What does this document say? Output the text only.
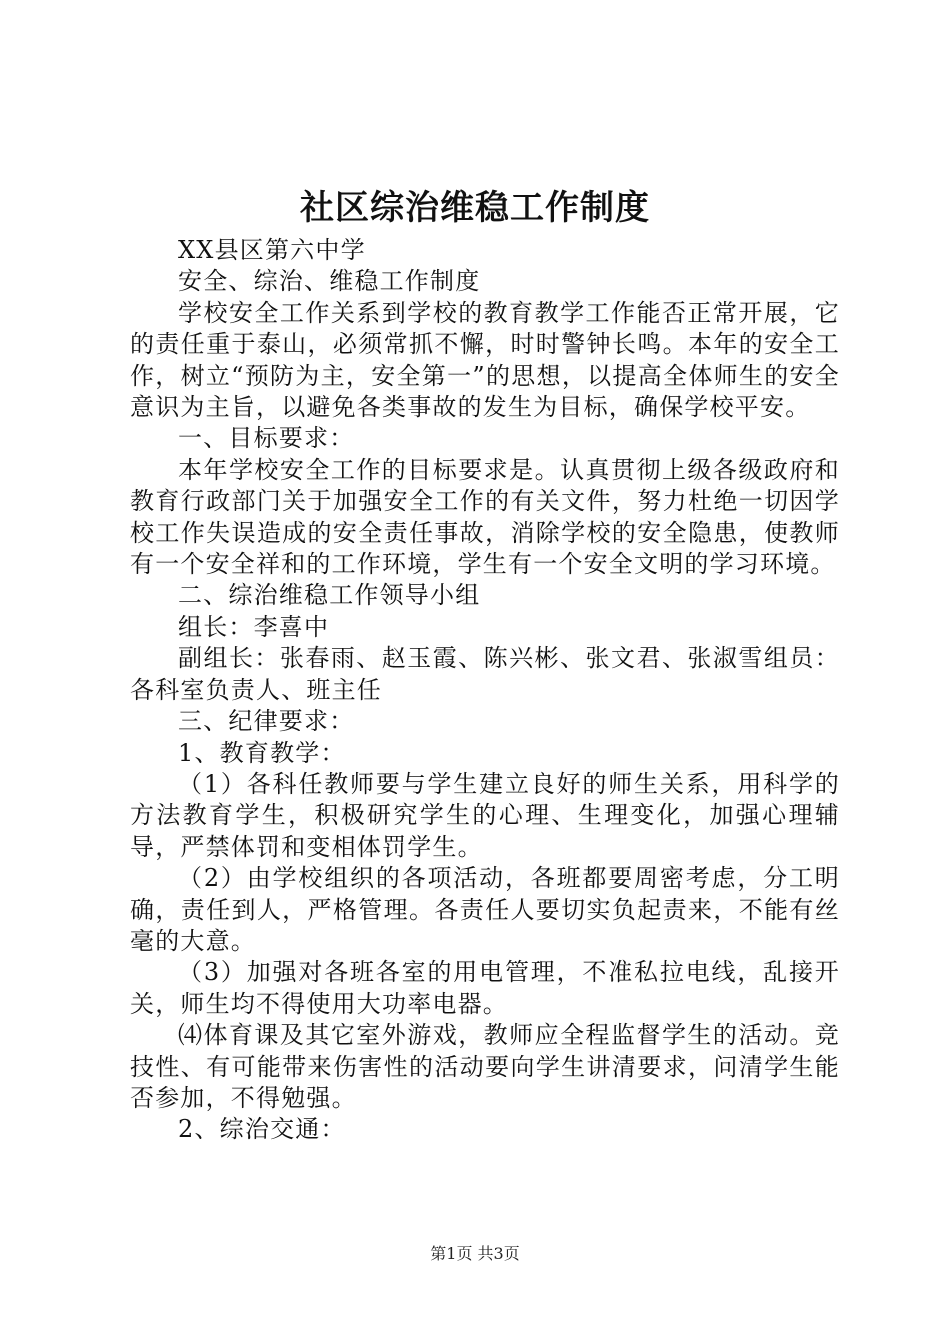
社区综治维稳工作制度

XX县区第六中学

安全、综治、维稳工作制度

学校安全工作关系到学校的教育教学工作能否正常开展，它的责任重于泰山，必须常抓不懈，时时警钟长鸣。本年的安全工作，树立“预防为主，安全第一”的思想，以提高全体师生的安全意识为主旨，以避免各类事故的发生为目标，确保学校平安。

一、目标要求：

本年学校安全工作的目标要求是。认真贯彻上级各级政府和教育行政部门关于加强安全工作的有关文件，努力杜绝一切因学校工作失误造成的安全责任事故，消除学校的安全隐患，使教师有一个安全祥和的工作环境，学生有一个安全文明的学习环境。

二、综治维稳工作领导小组

组长：李喜中

副组长：张春雨、赵玉霞、陈兴彬、张文君、张淑雪组员：各科室负责人、班主任

三、纪律要求：

1、教育教学：

（1）各科任教师要与学生建立良好的师生关系，用科学的方法教育学生，积极研究学生的心理、生理变化，加强心理辅导，严禁体罚和变相体罚学生。

（2）由学校组织的各项活动，各班都要周密考虑，分工明确，责任到人，严格管理。各责任人要切实负起责来，不能有丝毫的大意。

（3）加强对各班各室的用电管理，不准私拉电线，乱接开关，师生均不得使用大功率电器。

⑷体育课及其它室外游戏，教师应全程监督学生的活动。竞技性、有可能带来伤害性的活动要向学生讲清要求，问清学生能否参加，不得勉强。

2、综治交通：

第1页 共3页
